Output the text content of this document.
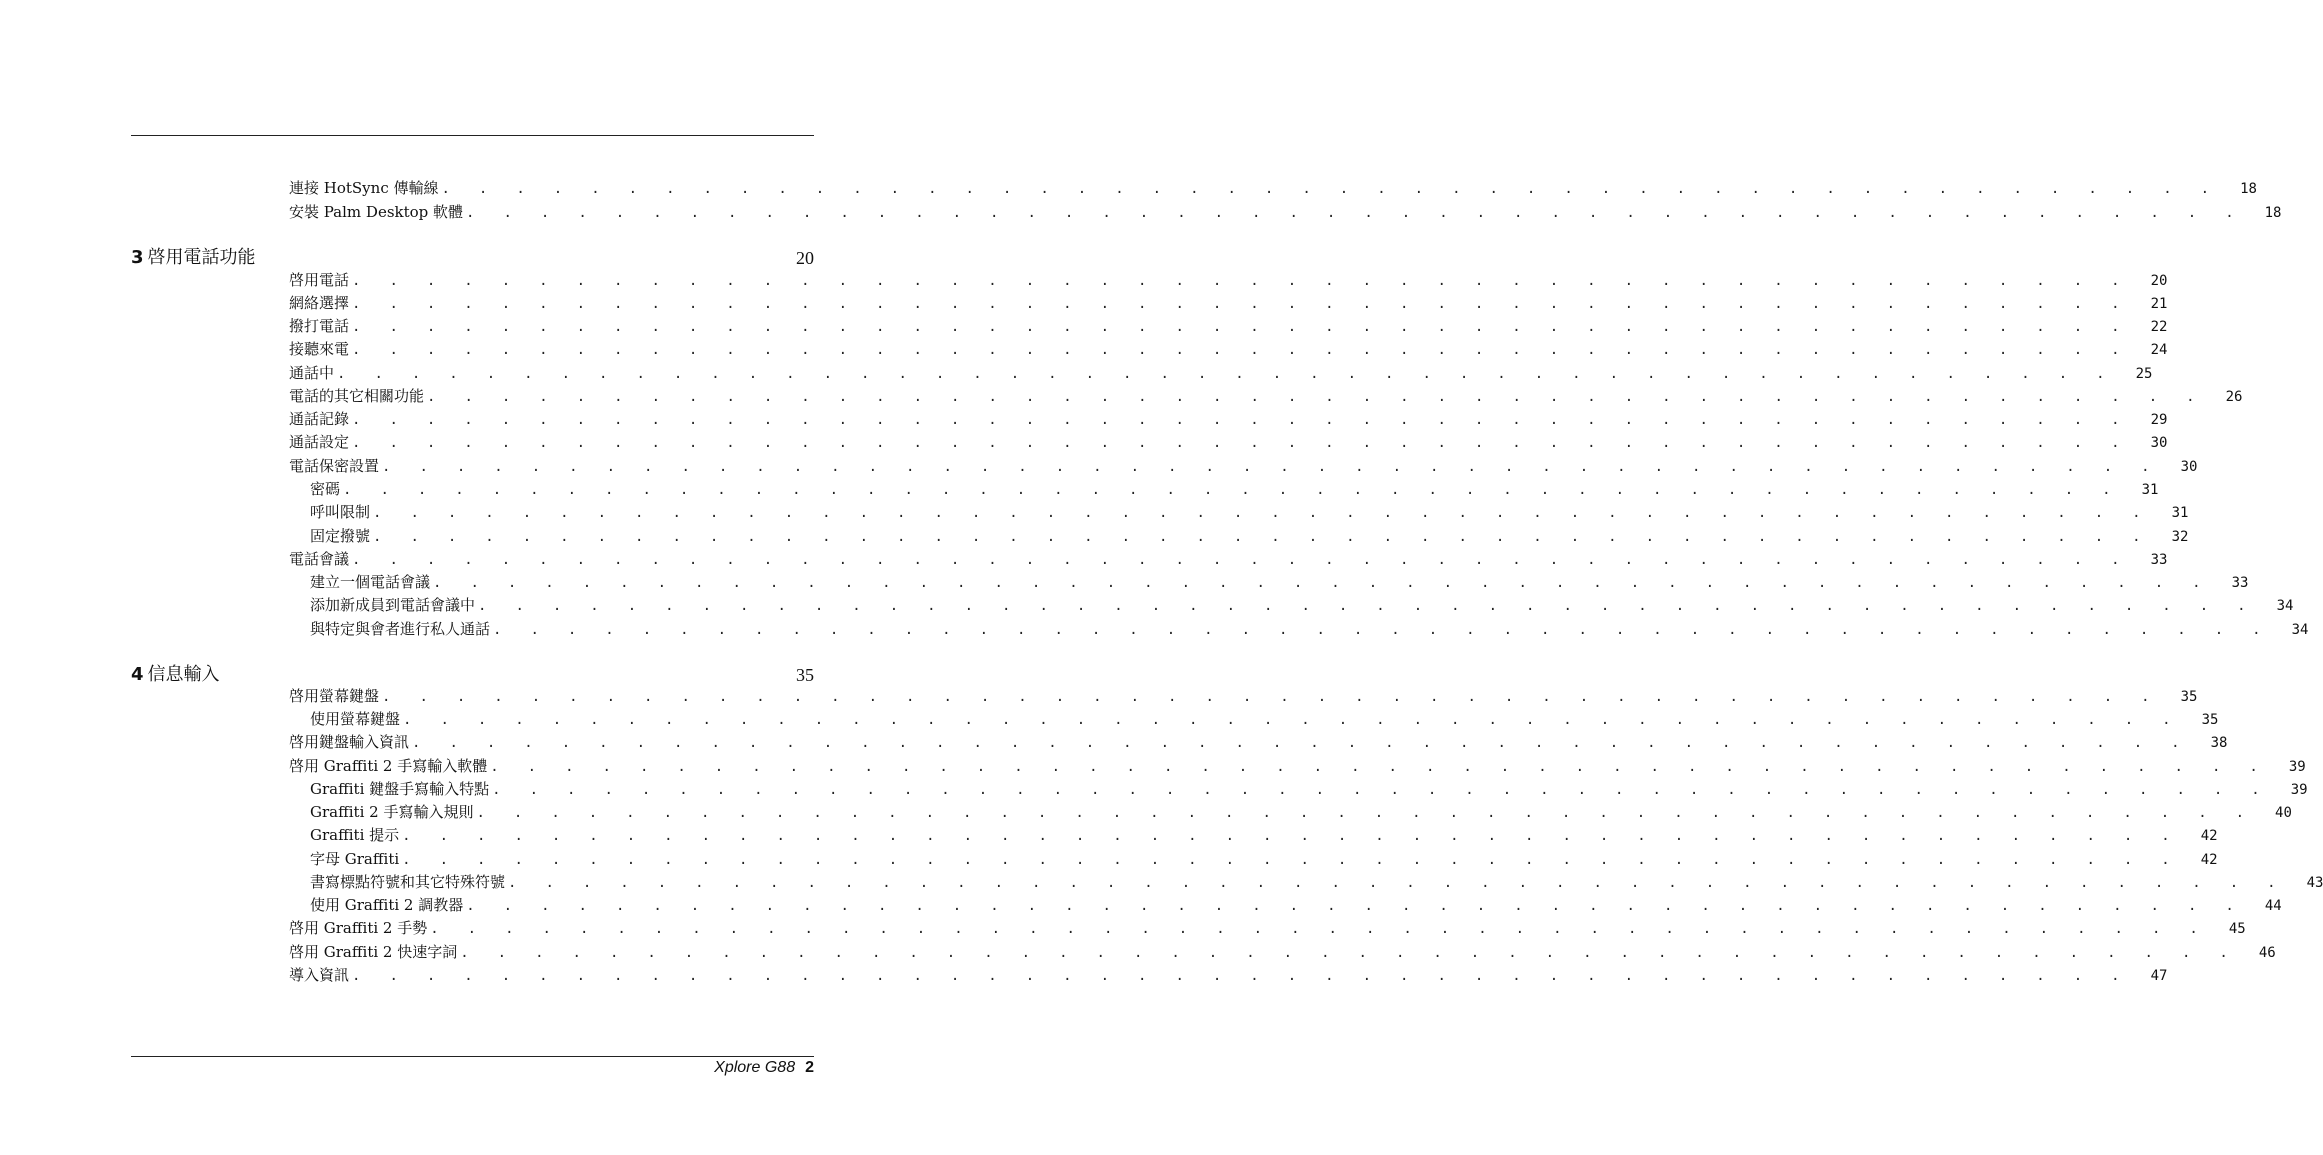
連接 HotSync 傳輸線 ................................................ 18
安裝 Palm Desktop 軟體 ................................................ 18
3 啓用電話功能	20
啓用電話 ................................................ 20
網絡選擇 ................................................ 21
撥打電話 ................................................ 22
接聽來電 ................................................ 24
通話中 ................................................ 25
電話的其它相關功能 ................................................ 26
通話記錄 ................................................ 29
通話設定 ................................................ 30
電話保密設置 ................................................ 30
密碼 ................................................ 31
呼叫限制 ................................................ 31
固定撥號 ................................................ 32
電話會議 ................................................ 33
建立一個電話會議 ................................................ 33
添加新成員到電話會議中 ................................................ 34
與特定與會者進行私人通話 ................................................ 34
4 信息輸入	35
啓用螢幕鍵盤 ................................................ 35
使用螢幕鍵盤 ................................................ 35
啓用鍵盤輸入資訊 ................................................ 38
啓用 Graffiti 2 手寫輸入軟體 ................................................ 39
Graffiti 鍵盤手寫輸入特點 ................................................ 39
Graffiti 2 手寫輸入規則 ................................................ 40
Graffiti 提示 ................................................ 42
字母 Graffiti ................................................ 42
書寫標點符號和其它特殊符號 ................................................ 43
使用 Graffiti 2 調教器 ................................................ 44
啓用 Graffiti 2 手勢 ................................................ 45
啓用 Graffiti 2 快速字詞 ................................................ 46
導入資訊 ................................................ 47
Xplore G88 2
